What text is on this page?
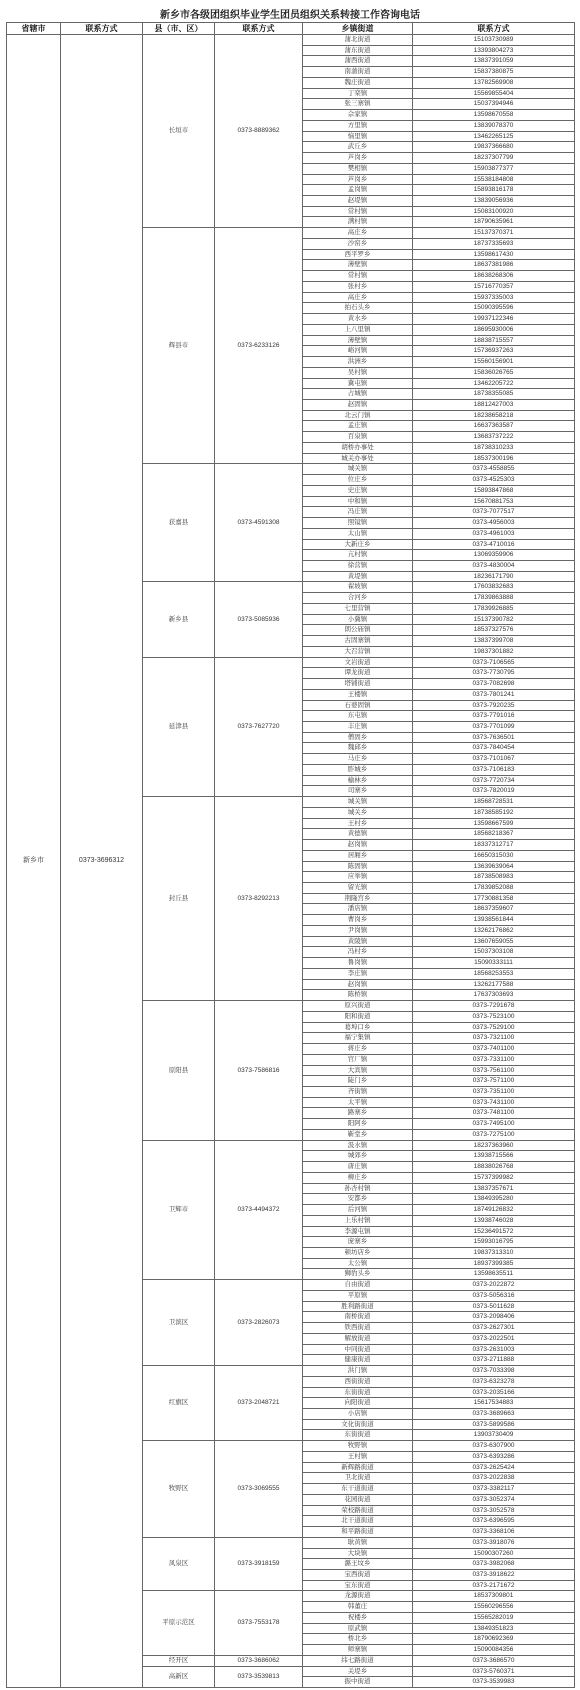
新乡市各级团组织毕业学生团员组织关系转接工作咨询电话
省辖市	联系方式	县（市、区）	联系方式	乡镇街道	联系方式
新乡市	0373-3696312	长垣市	0373-8889362	蒲北街道	15103730989
				蒲东街道	13393804273
				蒲西街道	13837391059
				南蒲街道	15837380875
				魏庄街道	13782569908
				丁栾镇	15569855404
				张三寨镇	15037394946
				佘家镇	13598670558
				方里镇	13839078370
				恼里镇	13462265125
				武丘乡	19837366680
				芦岗乡	18237307799
				樊相镇	15903877377
				芦岗乡	15538184808
				孟岗镇	15893816178
				赵堤镇	13839056936
				常村镇	15083100920
				满村镇	18790635961
		辉县市	0373-6233126	高庄乡	15137370371
				沙窑乡	18737335693
				西平罗乡	13598617430
				薄壁镇	18637381986
				常村镇	18638268306
				张村乡	15716770357
				高庄乡	15937335003
				拍石头乡	15090395596
				黄水乡	19937122346
				上八里镇	18695930006
				薄壁镇	18838715557
				峪河镇	15736937263
				洪洲乡	15560156901
				吴村镇	15836026765
				冀屯镇	13462205722
				占城镇	18738355085
				赵固镇	18812427003
				北云门镇	18238658218
				孟庄镇	16637363587
				百泉镇	13683737222
				胡桥办事处	18738310233
				城关办事处	18537300196
		获嘉县	0373-4591308	城关镇	0373-4558855
				位庄乡	0373-4525303
				史庄镇	15893847868
				中和镇	15670881753
				冯庄镇	0373-7077517
				照镜镇	0373-4956003
				太山镇	0373-4961003
				大新庄乡	0373-4710016
				亢村镇	13069359906
				徐营镇	0373-4830004
				黄堤镇	18236171790
		新乡县	0373-5085936	翟坡镇	17603832683
				合河乡	17839863888
				七里营镇	17839926885
				小冀镇	15137390782
				朗公庙镇	18537327576
				古固寨镇	13837399708
				大召营镇	19837301882
		延津县	0373-7627720	文岩街道	0373-7106565
				谭龙街道	0373-7730795
				塔铺街道	0373-7082698
				王楼镇	0373-7801241
				石婆固镇	0373-7920235
				东屯镇	0373-7791016
				丰庄镇	0373-7701099
				僧固乡	0373-7636501
				魏邱乡	0373-7840454
				马庄乡	0373-7101067
				胙城乡	0373-7106183
				榆林乡	0373-7720734
				司寨乡	0373-7820019
		封丘县	0373-8292213	城关镇	18568728531
				城关乡	18738585192
				王村乡	13598667599
				黄德镇	18568218367
				赵岗镇	18337312717
				居厢乡	16650315030
				陈固镇	13639639064
				应举镇	18738508983
				留光镇	17839852088
				荆隆宫乡	17730881358
				潘店镇	18637359607
				曹岗乡	13938561844
				尹岗镇	13262176862
				黄陵镇	13607659055
				冯村乡	15037303108
				鲁岗镇	15090333111
				李庄镇	18568253553
				赵岗镇	13262177588
				陈桥镇	17637303693
		原阳县	0373-7586816	原兴街道	0373-7291678
				阳和街道	0373-7523100
				葛埠口乡	0373-7529100
				福宁集镇	0373-7321100
				蒋庄乡	0373-7401100
				官厂镇	0373-7331100
				大宾镇	0373-7561100
				陡门乡	0373-7571100
				齐街镇	0373-7351100
				太平镇	0373-7431100
				路寨乡	0373-7481100
				阳阿乡	0373-7495100
				靳堂乡	0373-7275100
		卫辉市	0373-4494372	汲水镇	18237363960
				城郊乡	13938715566
				唐庄镇	18838026768
				柳庄乡	15737399982
				孙杏村镇	13837357671
				安都乡	13849395280
				后河镇	18749126832
				上乐村镇	13938746028
				李源屯镇	15236491572
				庞寨乡	15993016795
				顿坊店乡	19837313310
				太公镇	18937399385
				狮豹头乡	13598635511
		卫滨区	0373-2826073	自由街道	0373-2022872
				平原镇	0373-5056316
				胜利路街道	0373-5011628
				南桥街道	0373-2098406
				铁西街道	0373-2627301
				解放街道	0373-2022501
				中同街道	0373-2631003
				健康街道	0373-2711888
		红旗区	0373-2048721	洪门镇	0373-7033398
				西街街道	0373-6323278
				东街街道	0373-2035166
				向阳街道	15617534883
				小店镇	0373-3689663
				文化街街道	0373-5899586
				东街街道	13903730409
		牧野区	0373-3069555	牧野镇	0373-6307900
				王村镇	0373-6393286
				新辉路街道	0373-2625424
				卫北街道	0373-2022838
				东干道街道	0373-3382117
				花园街道	0373-3052374
				荣校路街道	0373-3052578
				北干道街道	0373-6396595
				和平路街道	0373-3368106
		凤泉区	0373-3918159	耿黄镇	0373-3918076
				大块镇	15090307260
				潞王坟乡	0373-3982068
				宝西街道	0373-3918622
				宝东街道	0373-2171672
		平原示范区	0373-7553178	龙源街道	18537309801
				韩董庄	15560296556
				祝楼乡	15565282019
				原武镇	13849351823
				桥北乡	18790692369
				师寨镇	15090084356
		经开区	0373-3686062	纬七路街道	0373-3686570
		高新区	0373-3539813	关堤乡	0373-5760371
				振中街道	0373-3539983
